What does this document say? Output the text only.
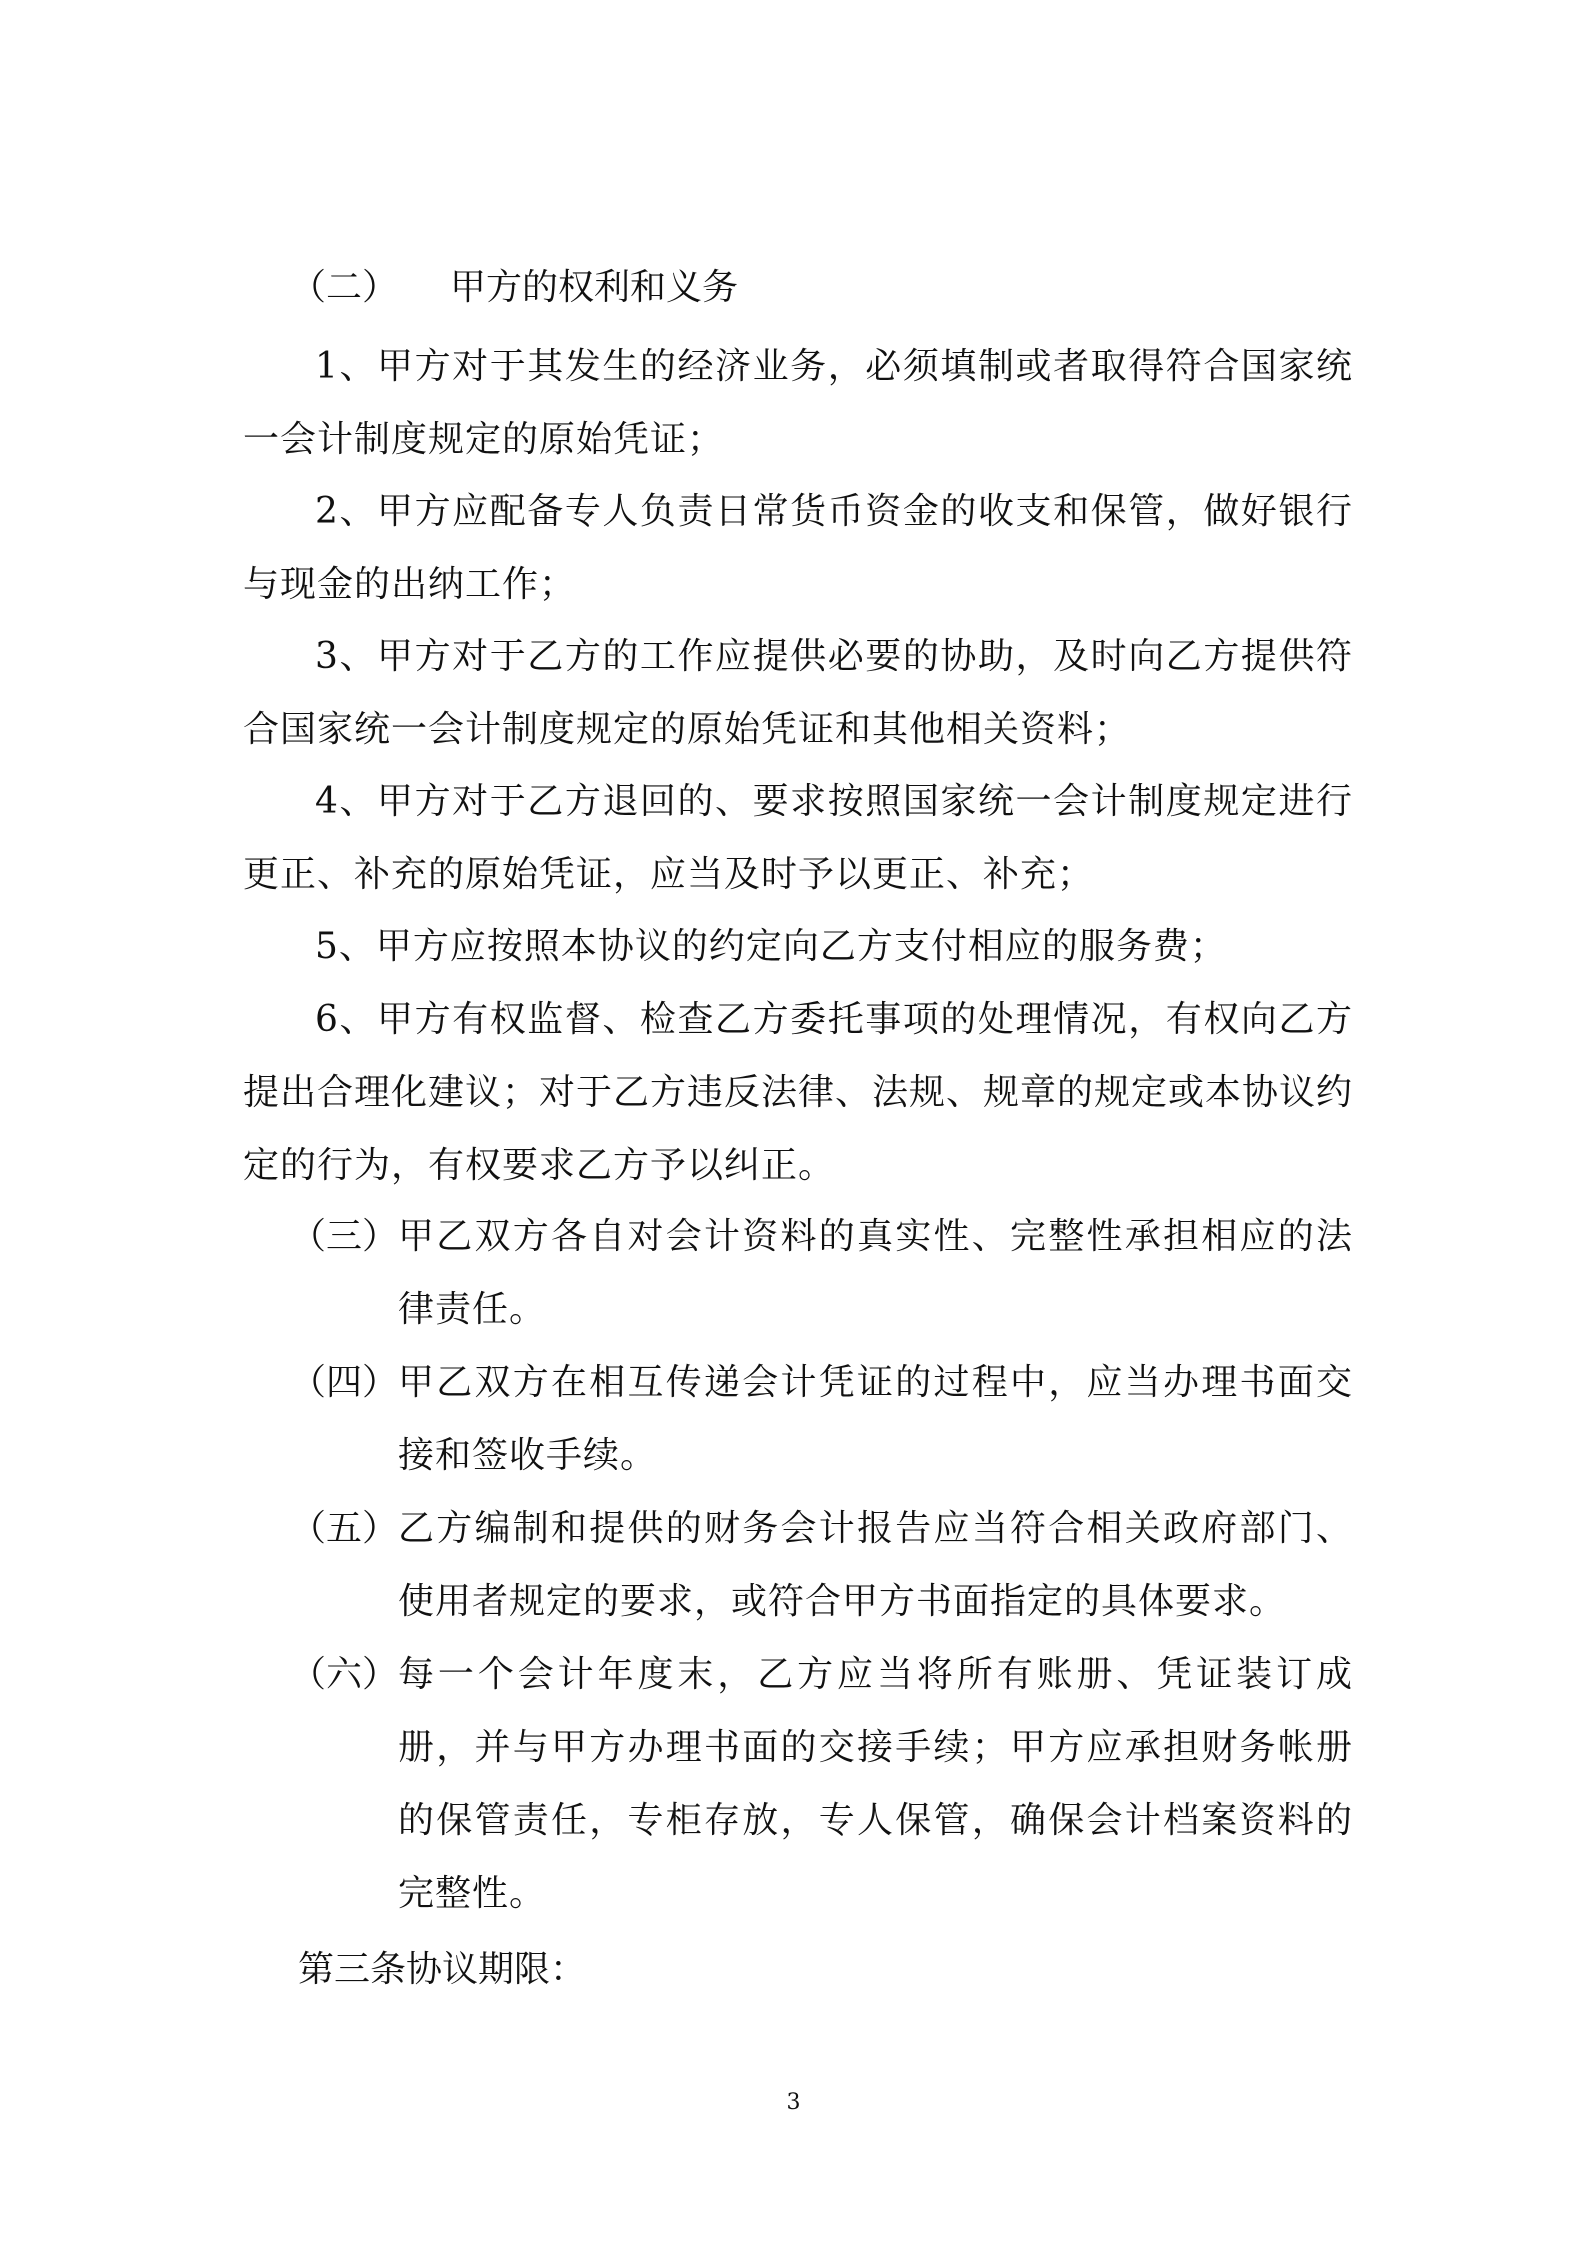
（二） 甲方的权利和义务

1、甲方对于其发生的经济业务，必须填制或者取得符合国家统一会计制度规定的原始凭证；

2、甲方应配备专人负责日常货币资金的收支和保管，做好银行与现金的出纳工作；

3、甲方对于乙方的工作应提供必要的协助，及时向乙方提供符合国家统一会计制度规定的原始凭证和其他相关资料；

4、甲方对于乙方退回的、要求按照国家统一会计制度规定进行更正、补充的原始凭证，应当及时予以更正、补充；

5、甲方应按照本协议的约定向乙方支付相应的服务费；

6、甲方有权监督、检查乙方委托事项的处理情况，有权向乙方提出合理化建议；对于乙方违反法律、法规、规章的规定或本协议约定的行为，有权要求乙方予以纠正。

（三） 甲乙双方各自对会计资料的真实性、完整性承担相应的法律责任。
（四） 甲乙双方在相互传递会计凭证的过程中，应当办理书面交接和签收手续。
（五） 乙方编制和提供的财务会计报告应当符合相关政府部门、使用者规定的要求，或符合甲方书面指定的具体要求。
（六） 每一个会计年度末，乙方应当将所有账册、凭证装订成册，并与甲方办理书面的交接手续；甲方应承担财务帐册的保管责任，专柜存放，专人保管，确保会计档案资料的完整性。
第三条协议期限：
3
